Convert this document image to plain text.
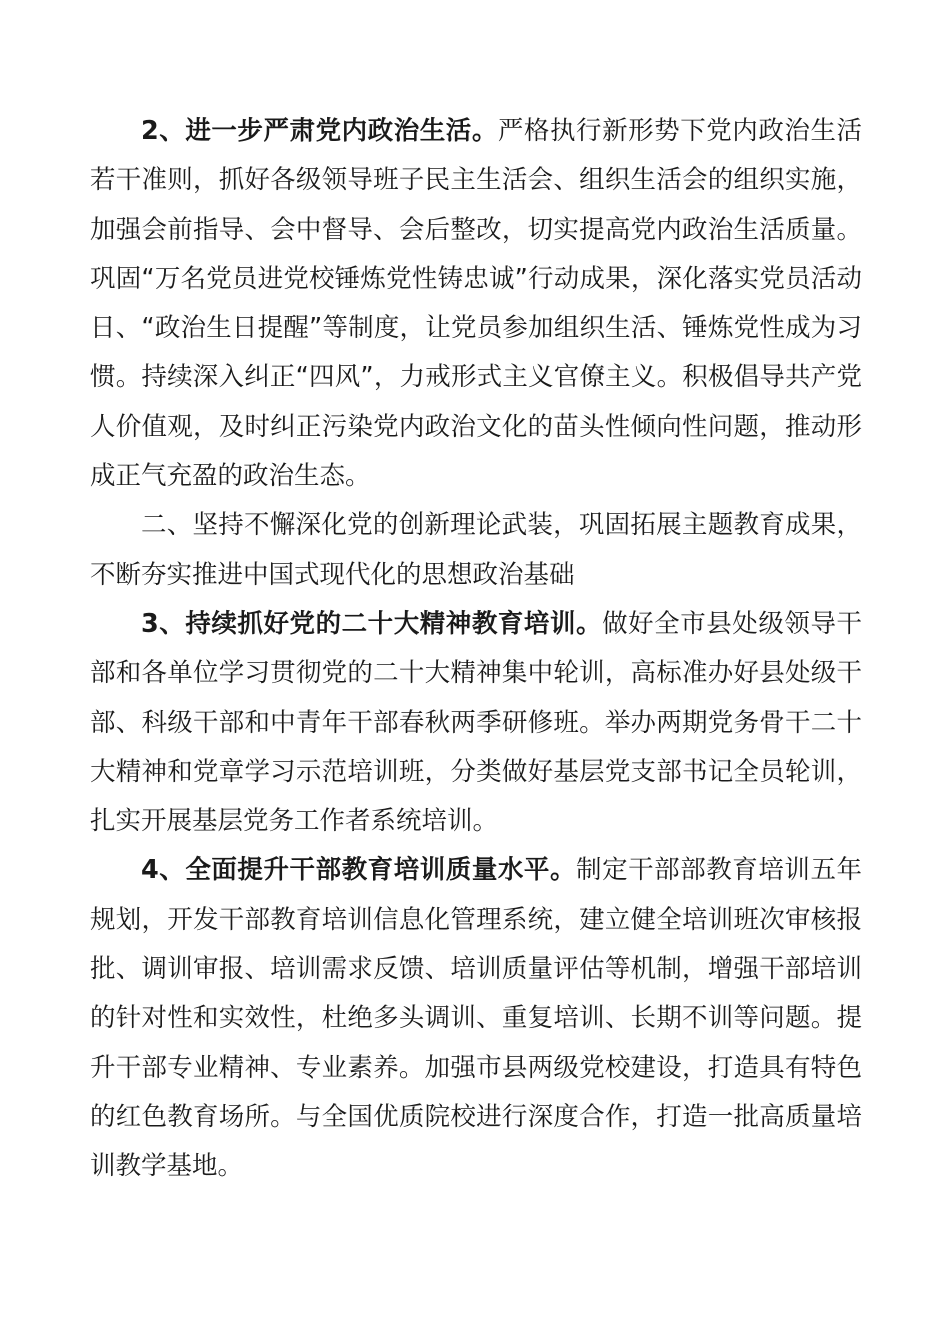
2、进一步严肃党内政治生活。严格执行新形势下党内政治生活若干准则，抓好各级领导班子民主生活会、组织生活会的组织实施，加强会前指导、会中督导、会后整改，切实提高党内政治生活质量。巩固“万名党员进党校锤炼党性铸忠诚”行动成果，深化落实党员活动日、“政治生日提醒”等制度，让党员参加组织生活、锤炼党性成为习惯。持续深入纠正“四风”，力戒形式主义官僚主义。积极倡导共产党人价值观，及时纠正污染党内政治文化的苗头性倾向性问题，推动形成正气充盈的政治生态。

二、坚持不懈深化党的创新理论武装，巩固拓展主题教育成果，不断夯实推进中国式现代化的思想政治基础

3、持续抓好党的二十大精神教育培训。做好全市县处级领导干部和各单位学习贯彻党的二十大精神集中轮训，高标准办好县处级干部、科级干部和中青年干部春秋两季研修班。举办两期党务骨干二十大精神和党章学习示范培训班，分类做好基层党支部书记全员轮训，扎实开展基层党务工作者系统培训。

4、全面提升干部教育培训质量水平。制定干部部教育培训五年规划，开发干部教育培训信息化管理系统，建立健全培训班次审核报批、调训审报、培训需求反馈、培训质量评估等机制，增强干部培训的针对性和实效性，杜绝多头调训、重复培训、长期不训等问题。提升干部专业精神、专业素养。加强市县两级党校建设，打造具有特色的红色教育场所。与全国优质院校进行深度合作，打造一批高质量培训教学基地。
